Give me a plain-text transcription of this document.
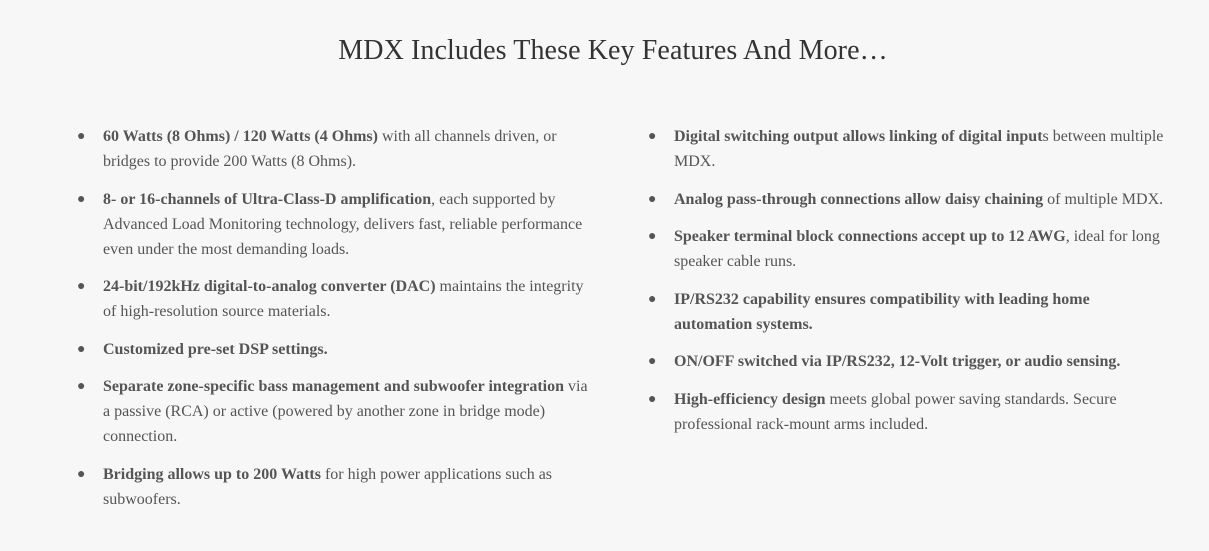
MDX Includes These Key Features And More…
● 60 Watts (8 Ohms) / 120 Watts (4 Ohms) with all channels driven, or bridges to provide 200 Watts (8 Ohms).
● 8- or 16-channels of Ultra-Class-D amplification, each supported by Advanced Load Monitoring technology, delivers fast, reliable performance even under the most demanding loads.
● 24-bit/192kHz digital-to-analog converter (DAC) maintains the integrity of high-resolution source materials.
● Customized pre-set DSP settings.
● Separate zone-specific bass management and subwoofer integration via a passive (RCA) or active (powered by another zone in bridge mode) connection.
● Bridging allows up to 200 Watts for high power applications such as subwoofers.
● Digital switching output allows linking of digital inputs between multiple MDX.
● Analog pass-through connections allow daisy chaining of multiple MDX.
● Speaker terminal block connections accept up to 12 AWG, ideal for long speaker cable runs.
● IP/RS232 capability ensures compatibility with leading home automation systems.
● ON/OFF switched via IP/RS232, 12-Volt trigger, or audio sensing.
● High-efficiency design meets global power saving standards. Secure professional rack-mount arms included.
